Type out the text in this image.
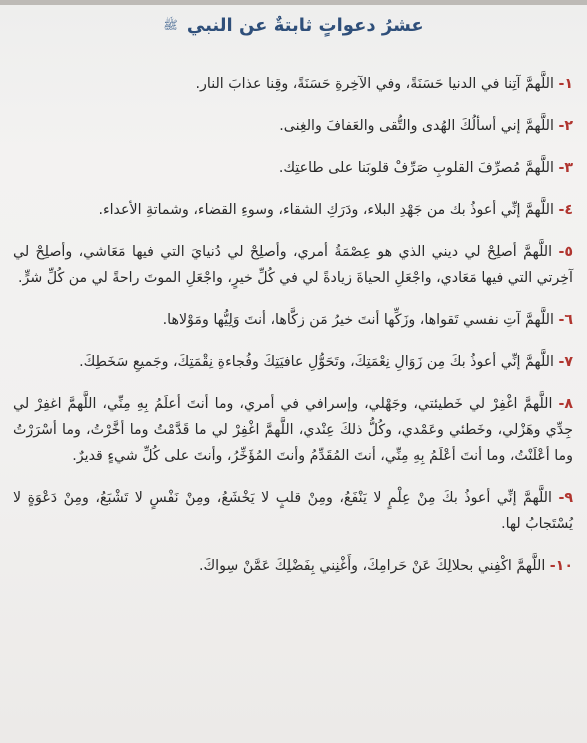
عشرُ دعواتٍ ثابتةٌ عن النبي ﷺ
١- اللَّهمَّ آتِنا في الدنيا حَسَنَةً، وفي الآخِرةِ حَسَنَةً، وقِنا عذابَ النار.
٢- اللَّهمَّ إني أسألُكَ الهُدى والتُّقى والعَفافَ والغِنى.
٣- اللَّهمَّ مُصرِّفَ القلوبِ صَرِّفْ قلوبَنا على طاعتِك.
٤- اللَّهمَّ إنِّي أعوذُ بك من جَهْدِ البلاء، ودَرَكِ الشقاء، وسوءِ القضاء، وشماتةِ الأعداء.
٥- اللَّهمَّ أصلِحْ لي ديني الذي هو عِصْمَةُ أمري، وأصلِحْ لي دُنيايَ التي فيها مَعَاشي، وأصلِحْ لي آخِرتي التي فيها مَعَادي، واجْعَلِ الحياةَ زيادةً لي في كُلِّ خيرٍ، واجْعَلِ الموتَ راحةً لي من كُلِّ شرٍّ.
٦- اللَّهمَّ آتِ نفسي تَقواها، وزَكِّها أنتَ خيرُ مَن زكَّاها، أنتَ وَلِيُّها ومَوْلاها.
٧- اللَّهمَّ إنِّي أعوذُ بكَ مِن زَوَالِ نِعْمَتِكَ، وتَحَوُّلِ عافيَتِكَ وفُجاءةِ نِقْمَتِكَ، وجَميعِ سَخَطِكَ.
٨- اللَّهمَّ اغْفِرْ لي خَطيئتي، وجَهْلي، وإسرافي في أمري، وما أنتَ أعلَمُ بِهِ مِنِّي، اللَّهمَّ اغفِرْ لي جِدِّي وهَزْلي، وخَطئي وعَمْدي، وكُلُّ ذلكَ عِنْدي، اللَّهمَّ اغْفِرْ لي ما قَدَّمْتُ وما أخَّرْتُ، وما أسْرَرْتُ وما أعْلَنْتُ، وما أنتَ أعْلَمُ بِهِ مِنِّي، أنتَ المُقَدِّمُ وأنتَ المُؤَخِّرُ، وأنتَ على كُلِّ شيءٍ قديرٌ.
٩- اللَّهمَّ إنِّي أعوذُ بكَ مِنْ عِلْمٍ لا يَنْفَعُ، ومِنْ قلبٍ لا يَخْشَعُ، ومِنْ نَفْسٍ لا تَشْبَعُ، ومِنْ دَعْوَةٍ لا يُسْتَجابُ لها.
١٠- اللَّهمَّ اكْفِني بحلالِكَ عَنْ حَرامِكَ، وأَغْنِني بِفَضْلِكَ عَمَّنْ سِواكَ.
